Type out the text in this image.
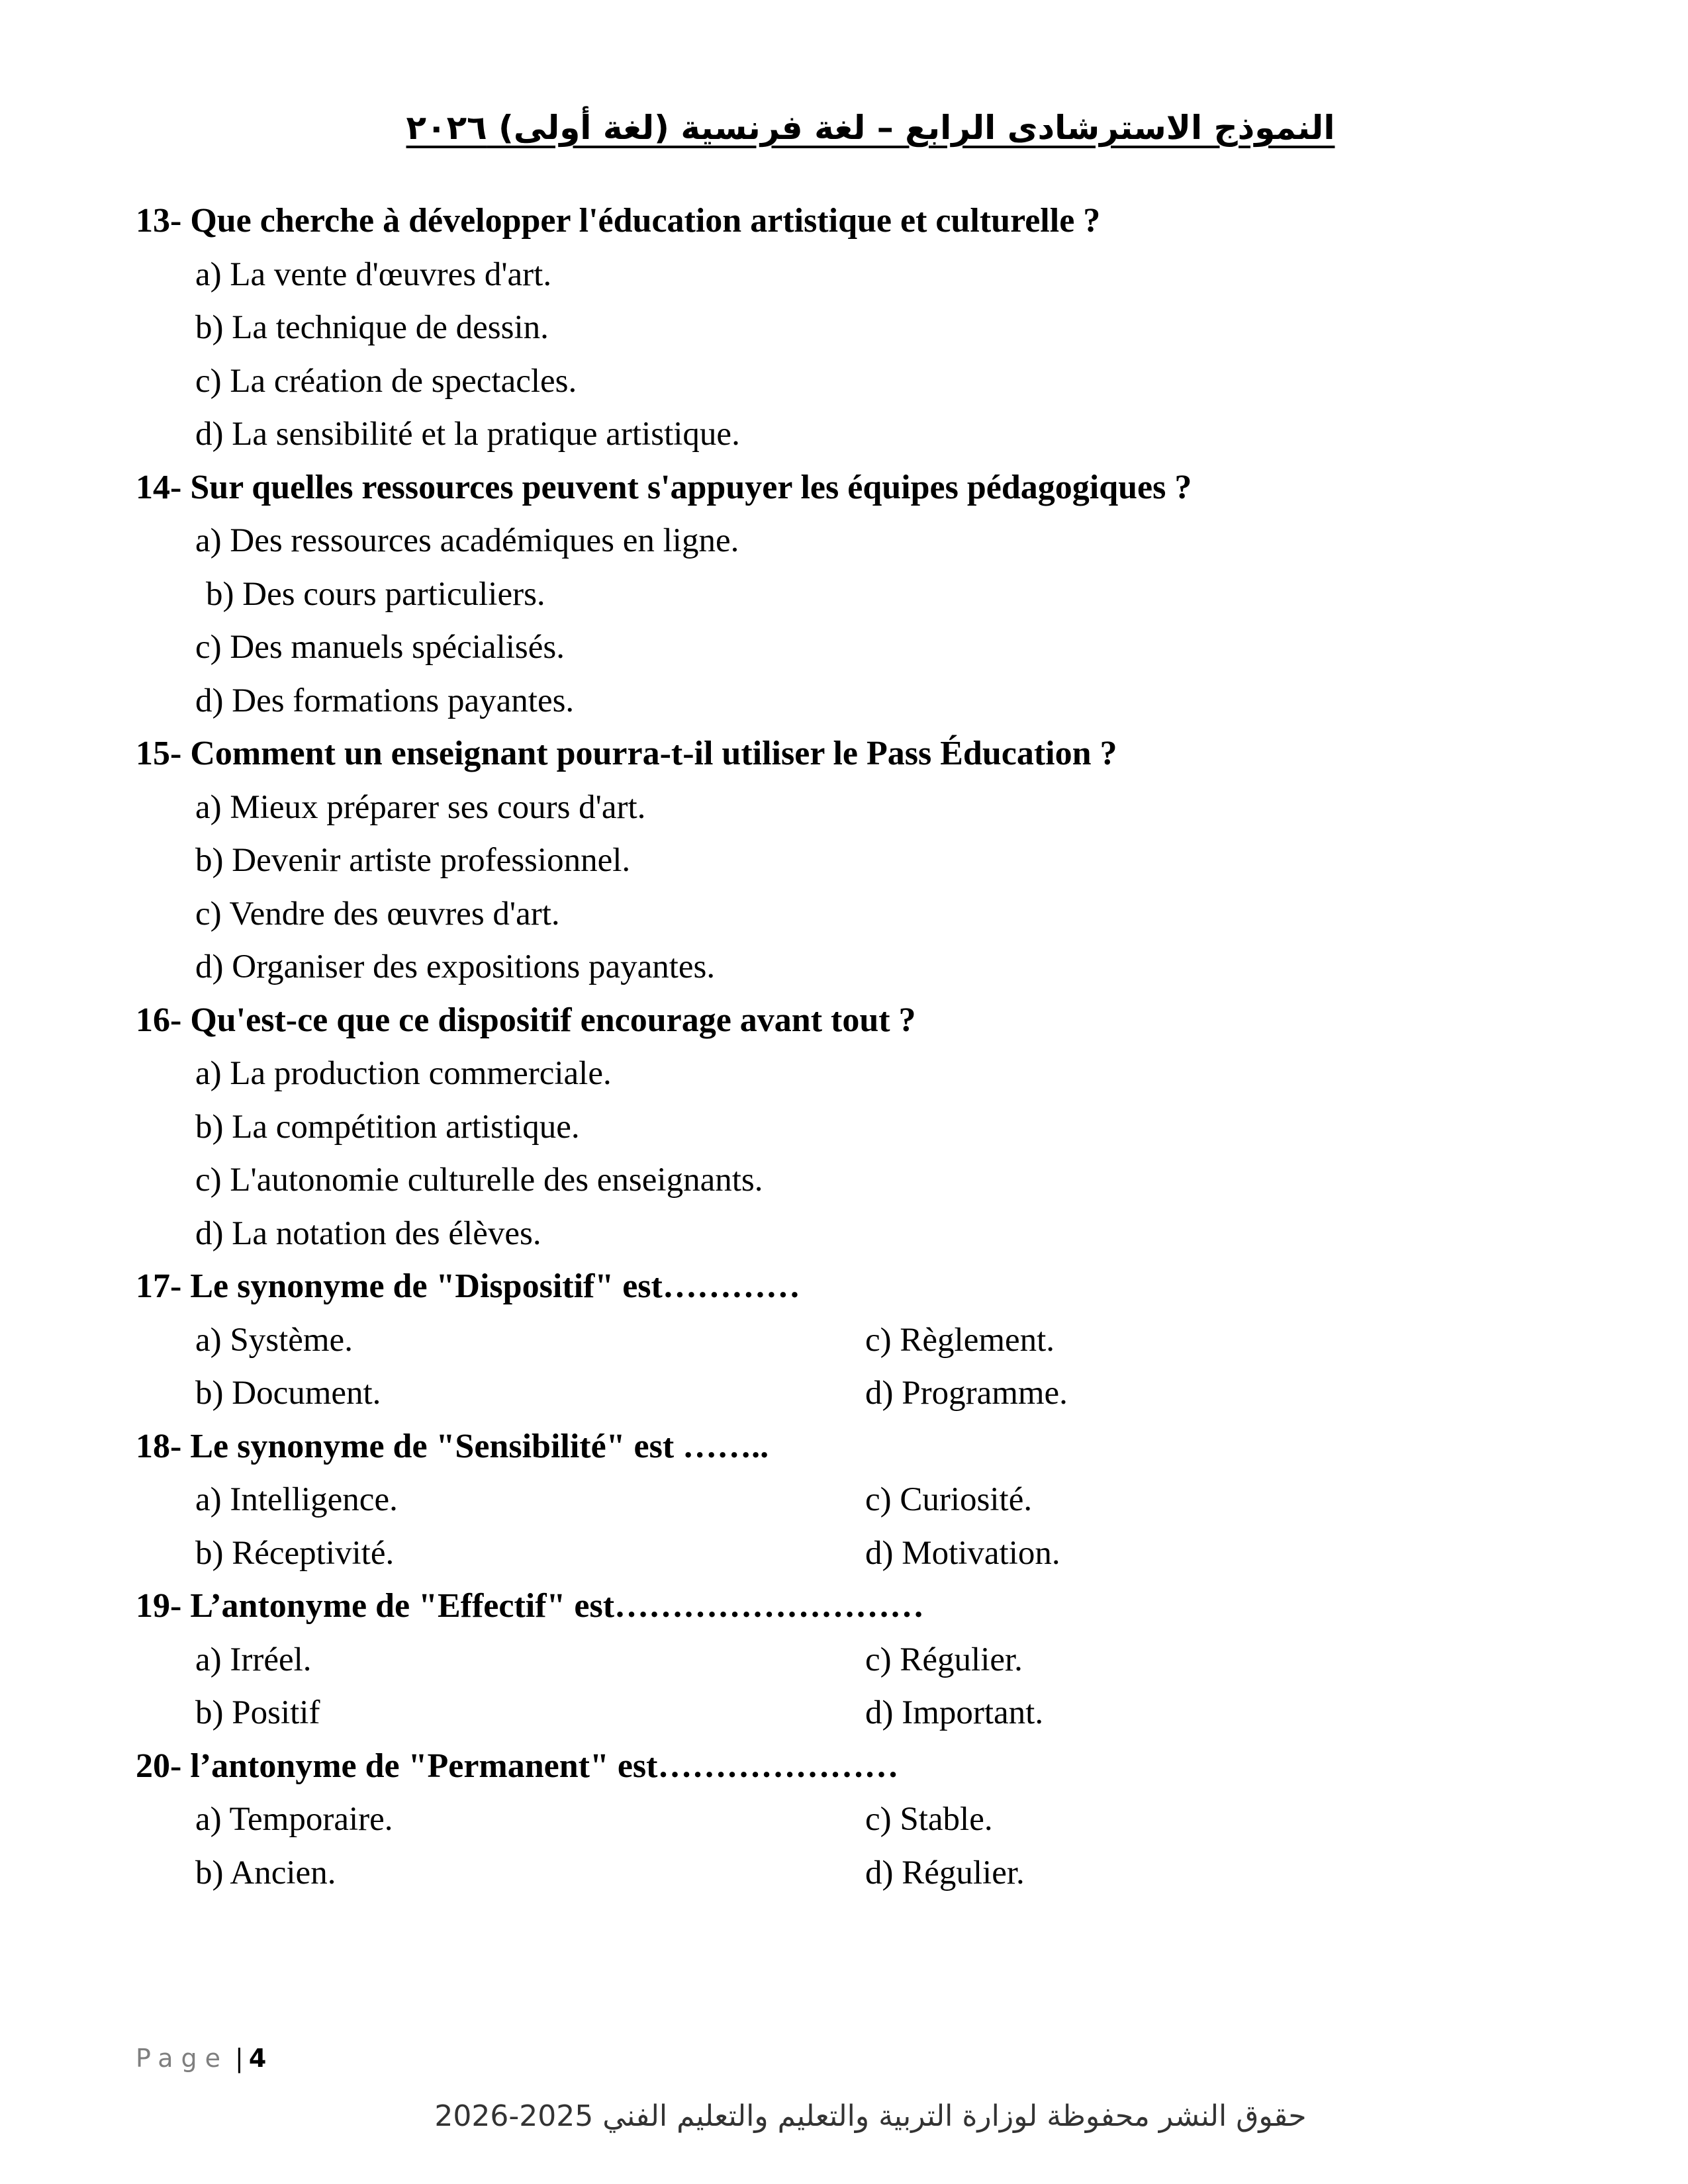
النموذج الاسترشادى الرابع – لغة فرنسية (لغة أولى) ٢٠٢٦
13- Que cherche à développer l'éducation artistique et culturelle ?
a) La vente d'œuvres d'art.
b) La technique de dessin.
c) La création de spectacles.
d) La sensibilité et la pratique artistique.
14- Sur quelles ressources peuvent s'appuyer les équipes pédagogiques ?
a) Des ressources académiques en ligne.
b) Des cours particuliers.
c) Des manuels spécialisés.
d) Des formations payantes.
15- Comment un enseignant pourra-t-il utiliser le Pass Éducation ?
a) Mieux préparer ses cours d'art.
b) Devenir artiste professionnel.
c) Vendre des œuvres d'art.
d) Organiser des expositions payantes.
16- Qu'est-ce que ce dispositif encourage avant tout ?
a) La production commerciale.
b) La compétition artistique.
c) L'autonomie culturelle des enseignants.
d) La notation des élèves.
17- Le synonyme de "Dispositif" est…………
a) Système.	c) Règlement.
b) Document.	d) Programme.
18- Le synonyme de "Sensibilité" est ……..
a) Intelligence.	c) Curiosité.
b) Réceptivité.	d) Motivation.
19- L’antonyme de "Effectif" est………………………
a) Irréel.	c) Régulier.
b) Positif	d) Important.
20- l’antonyme de "Permanent" est…………………
a) Temporaire.	c) Stable.
b) Ancien.	d) Régulier.
Page | 4
حقوق النشر محفوظة لوزارة التربية والتعليم والتعليم الفني 2025-2026
